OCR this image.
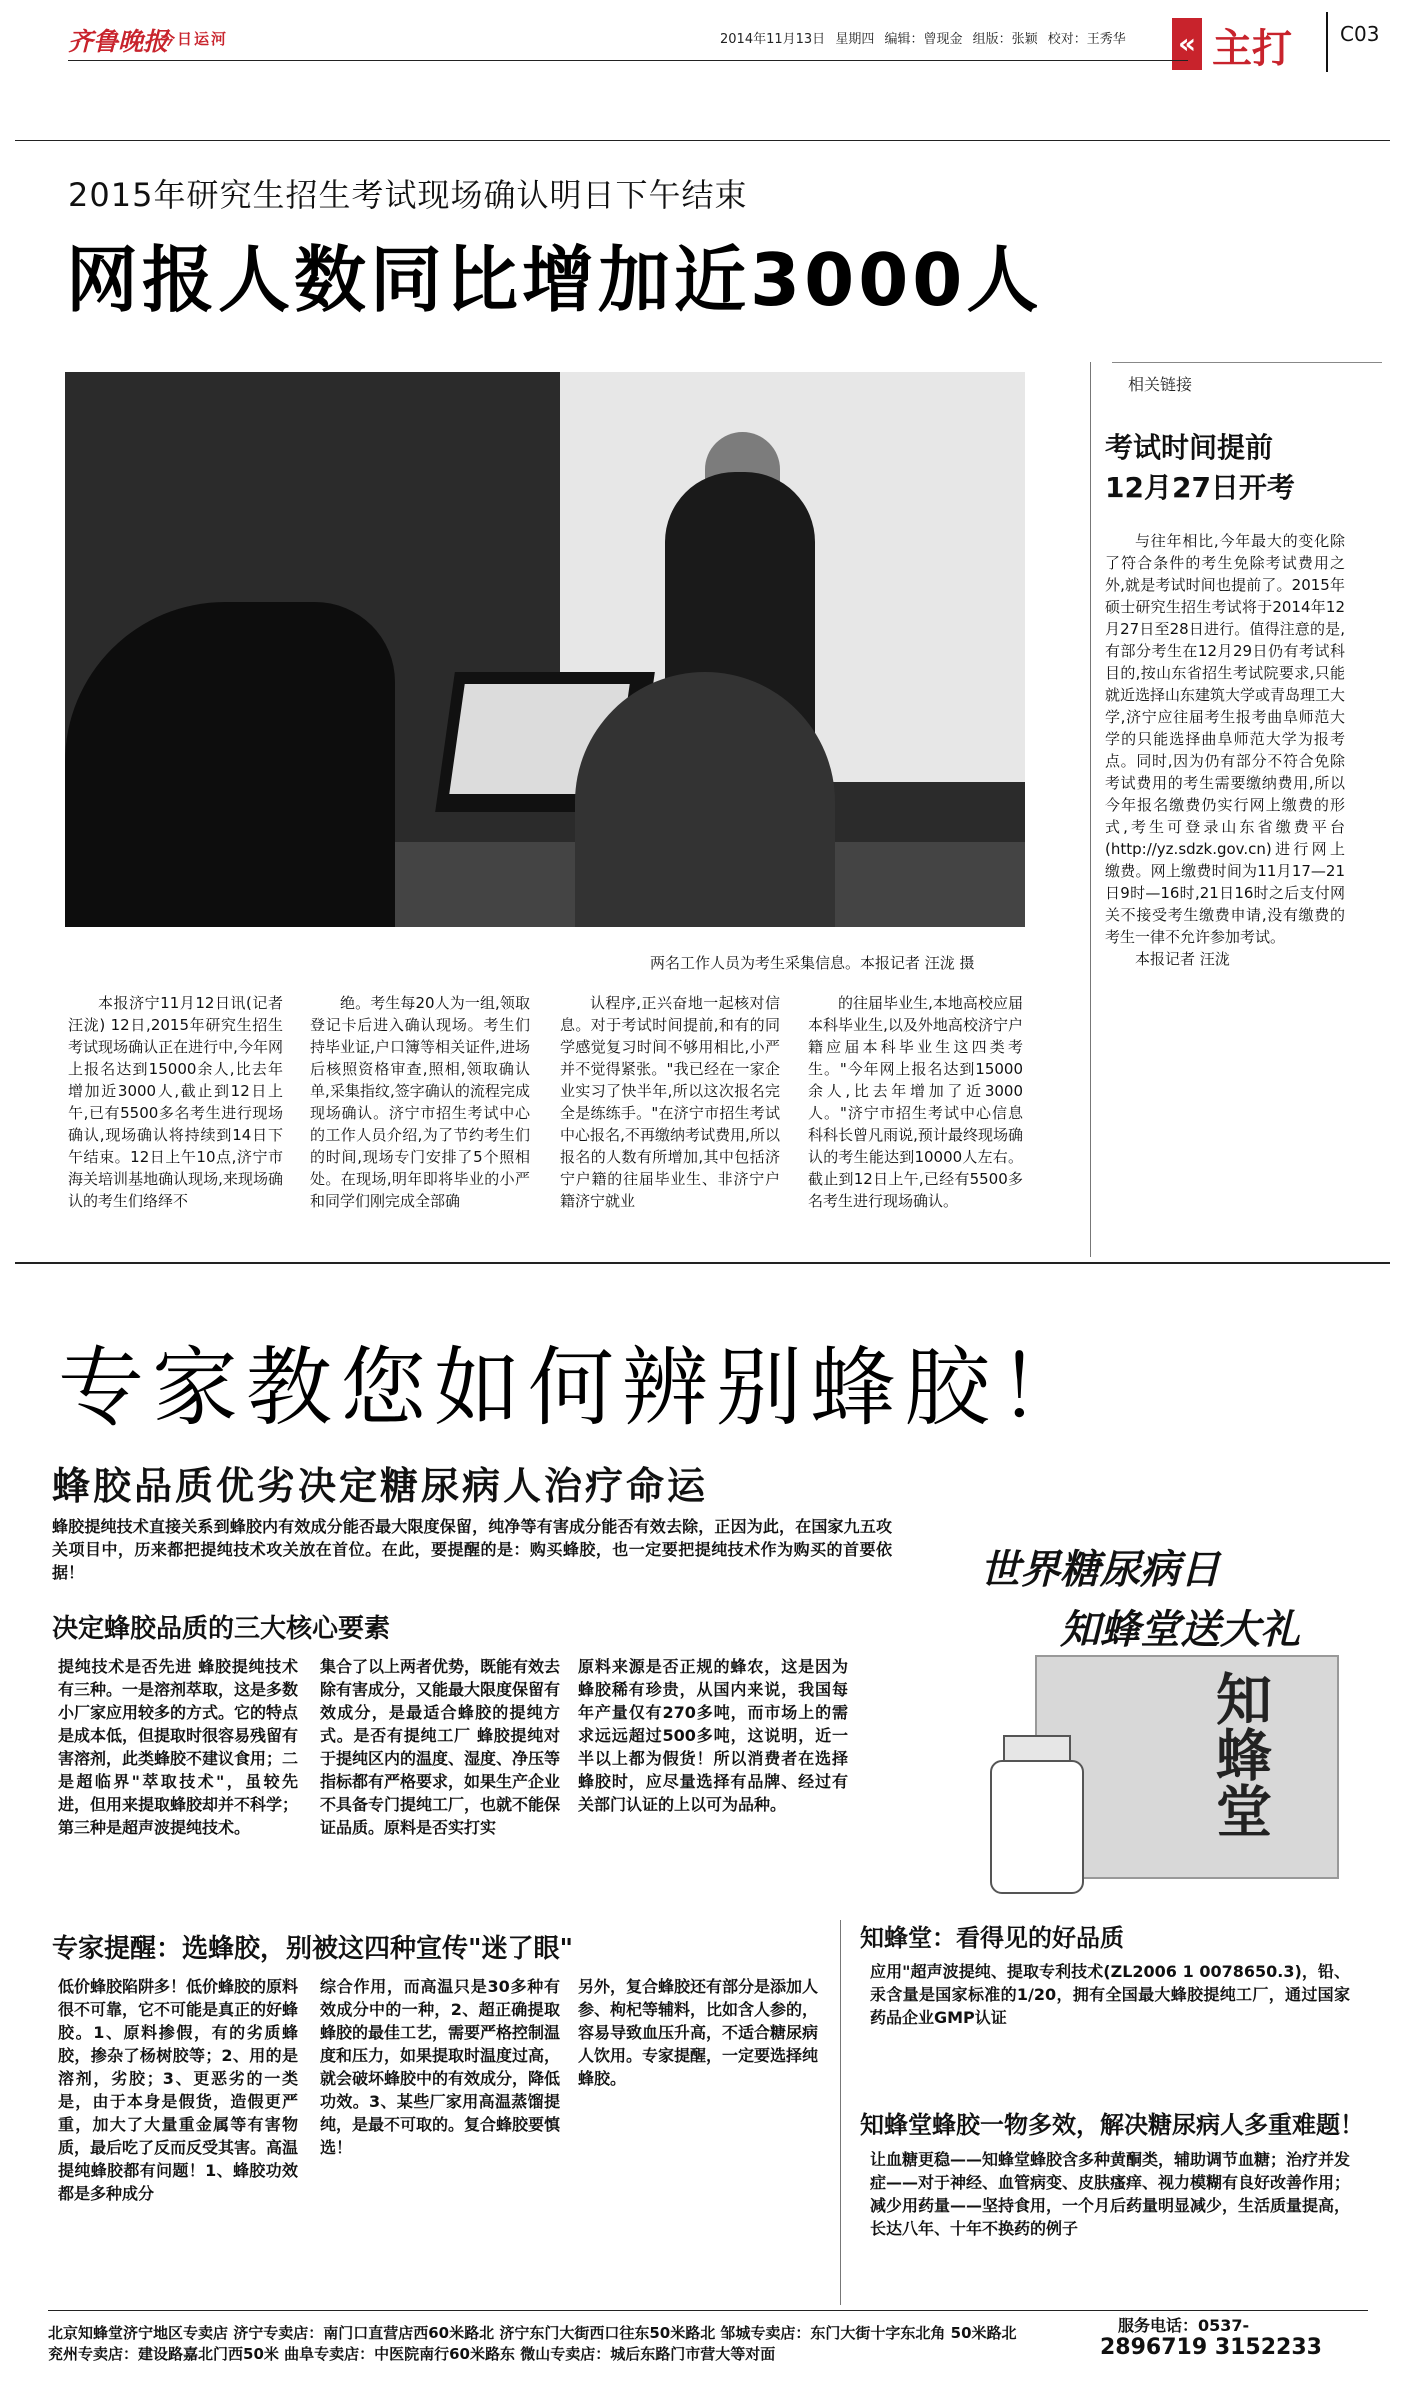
齐鲁晚报
今日运河	2014年11月13日 星期四 编辑：曾现金 组版：张颖 校对：王秀华 « 主打 C03
2015年研究生招生考试现场确认明日下午结束
网报人数同比增加近3000人
两名工作人员为考生采集信息。本报记者 汪泷 摄

本报济宁11月12日讯(记者 汪泷) 12日,2015年研究生招生考试现场确认正在进行中,今年网上报名达到15000余人,比去年增加近3000人,截止到12日上午,已有5500多名考生进行现场确认,现场确认将持续到14日下午结束。12日上午10点,济宁市海关培训基地确认现场,来现场确认的考生们络绎不

绝。考生每20人为一组,领取登记卡后进入确认现场。考生们持毕业证,户口簿等相关证件,进场后核照资格审查,照相,领取确认单,采集指纹,签字确认的流程完成现场确认。济宁市招生考试中心的工作人员介绍,为了节约考生们的时间,现场专门安排了5个照相处。在现场,明年即将毕业的小严和同学们刚完成全部确

认程序,正兴奋地一起核对信息。对于考试时间提前,和有的同学感觉复习时间不够用相比,小严并不觉得紧张。"我已经在一家企业实习了快半年,所以这次报名完全是练练手。"在济宁市招生考试中心报名,不再缴纳考试费用,所以报名的人数有所增加,其中包括济宁户籍的往届毕业生、非济宁户籍济宁就业

的往届毕业生,本地高校应届本科毕业生,以及外地高校济宁户籍应届本科毕业生这四类考生。"今年网上报名达到15000余人,比去年增加了近3000人。"济宁市招生考试中心信息科科长曾凡雨说,预计最终现场确认的考生能达到10000人左右。截止到12日上午,已经有5500多名考生进行现场确认。

相关链接
考试时间提前
12月27日开考

与往年相比,今年最大的变化除了符合条件的考生免除考试费用之外,就是考试时间也提前了。2015年硕士研究生招生考试将于2014年12月27日至28日进行。值得注意的是,有部分考生在12月29日仍有考试科目的,按山东省招生考试院要求,只能就近选择山东建筑大学或青岛理工大学,济宁应往届考生报考曲阜师范大学的只能选择曲阜师范大学为报考点。同时,因为仍有部分不符合免除考试费用的考生需要缴纳费用,所以今年报名缴费仍实行网上缴费的形式,考生可登录山东省缴费平台(http://yz.sdzk.gov.cn)进行网上缴费。网上缴费时间为11月17—21日9时—16时,21日16时之后支付网关不接受考生缴费申请,没有缴费的考生一律不允许参加考试。

本报记者 汪泷

专家教您如何辨别蜂胶！
蜂胶品质优劣决定糖尿病人治疗命运
蜂胶提纯技术直接关系到蜂胶内有效成分能否最大限度保留，纯净等有害成分能否有效去除，正因为此，在国家九五攻关项目中，历来都把提纯技术攻关放在首位。在此，要提醒的是：购买蜂胶，也一定要把提纯技术作为购买的首要依据！
决定蜂胶品质的三大核心要素
提纯技术是否先进 蜂胶提纯技术有三种。一是溶剂萃取，这是多数小厂家应用较多的方式。它的特点是成本低，但提取时很容易残留有害溶剂，此类蜂胶不建议食用；二是超临界"萃取技术"，虽较先进，但用来提取蜂胶却并不科学；第三种是超声波提纯技术。
集合了以上两者优势，既能有效去除有害成分，又能最大限度保留有效成分，是最适合蜂胶的提纯方式。是否有提纯工厂 蜂胶提纯对于提纯区内的温度、湿度、净压等指标都有严格要求，如果生产企业不具备专门提纯工厂，也就不能保证品质。原料是否实打实
原料来源是否正规的蜂农，这是因为蜂胶稀有珍贵，从国内来说，我国每年产量仅有270多吨，而市场上的需求远远超过500多吨，这说明，近一半以上都为假货！所以消费者在选择蜂胶时，应尽量选择有品牌、经过有关部门认证的上以可为品种。
专家提醒：选蜂胶，别被这四种宣传"迷了眼"
低价蜂胶陷阱多！低价蜂胶的原料很不可靠，它不可能是真正的好蜂胶。1、原料掺假，有的劣质蜂胶，掺杂了杨树胶等；2、用的是溶剂，劣胶；3、更恶劣的一类是，由于本身是假货，造假更严重，加大了大量重金属等有害物质，最后吃了反而反受其害。高温提纯蜂胶都有问题！1、蜂胶功效都是多种成分
综合作用，而高温只是30多种有效成分中的一种，2、超正确提取蜂胶的最佳工艺，需要严格控制温度和压力，如果提取时温度过高，就会破坏蜂胶中的有效成分，降低功效。3、某些厂家用高温蒸馏提纯，是最不可取的。复合蜂胶要慎选！
另外，复合蜂胶还有部分是添加人参、枸杞等辅料，比如含人参的，容易导致血压升高，不适合糖尿病人饮用。专家提醒，一定要选择纯蜂胶。
世界糖尿病日
知蜂堂送大礼
知蜂堂
知蜂堂：看得见的好品质
应用"超声波提纯、提取专利技术(ZL2006 1 0078650.3)，铅、汞含量是国家标准的1/20，拥有全国最大蜂胶提纯工厂，通过国家药品企业GMP认证
知蜂堂蜂胶一物多效，解决糖尿病人多重难题！
让血糖更稳——知蜂堂蜂胶含多种黄酮类，辅助调节血糖；治疗并发症——对于神经、血管病变、皮肤瘙痒、视力模糊有良好改善作用；减少用药量——坚持食用，一个月后药量明显减少，生活质量提高，长达八年、十年不换药的例子
北京知蜂堂济宁地区专卖店 济宁专卖店：南门口直营店西60米路北 济宁东门大街西口往东50米路北 邹城专卖店：东门大街十字东北角 50米路北
兖州专卖店：建设路嘉北门西50米 曲阜专卖店：中医院南行60米路东 微山专卖店：城后东路门市营大等对面
服务电话：0537-
2896719 3152233
